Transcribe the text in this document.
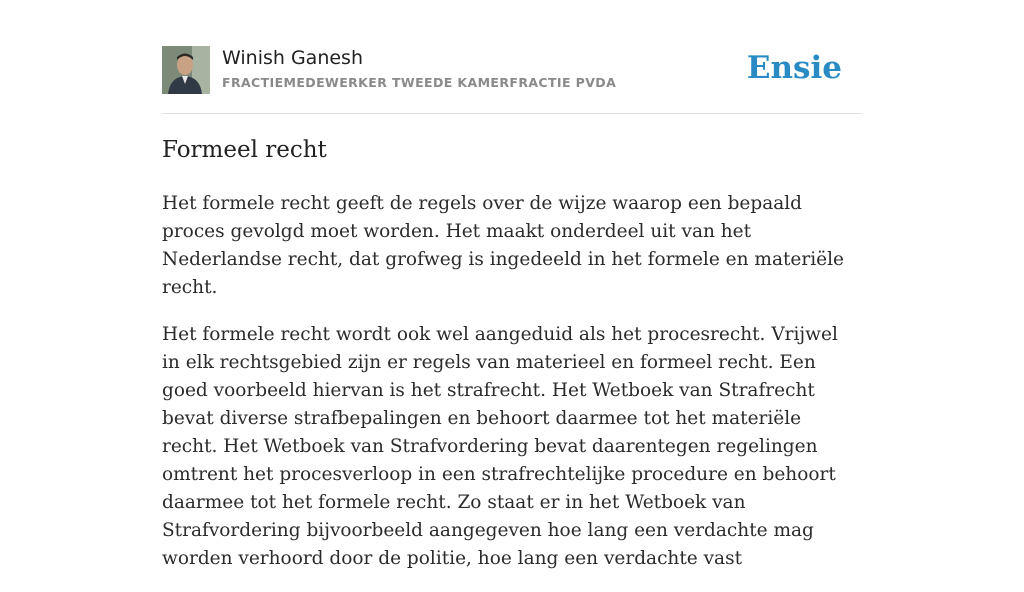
Winish Ganesh
FRACTIEMEDEWERKER TWEEDE KAMERFRACTIE PVDA	Ensie
Formeel recht

Het formele recht geeft de regels over de wijze waarop een bepaald proces gevolgd moet worden. Het maakt onderdeel uit van het Nederlandse recht, dat grofweg is ingedeeld in het formele en materiële recht.

Het formele recht wordt ook wel aangeduid als het procesrecht. Vrijwel in elk rechtsgebied zijn er regels van materieel en formeel recht. Een goed voorbeeld hiervan is het strafrecht. Het Wetboek van Strafrecht bevat diverse strafbepalingen en behoort daarmee tot het materiële recht. Het Wetboek van Strafvordering bevat daarentegen regelingen omtrent het procesverloop in een strafrechtelijke procedure en behoort daarmee tot het formele recht. Zo staat er in het Wetboek van Strafvordering bijvoorbeeld aangegeven hoe lang een verdachte mag worden verhoord door de politie, hoe lang een verdachte vast
